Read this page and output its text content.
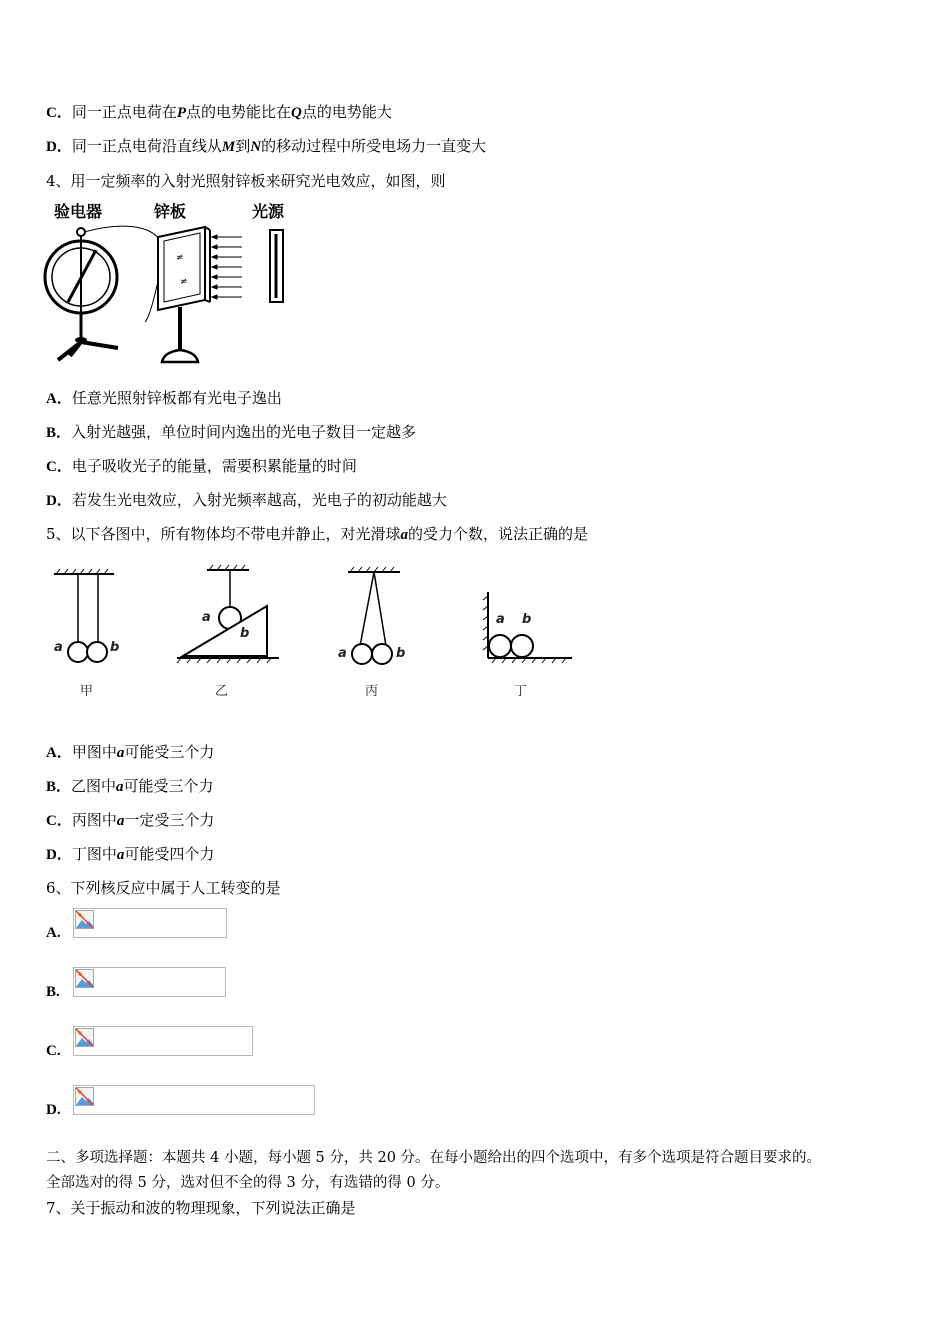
C．同一正点电荷在P点的电势能比在Q点的电势能大
D．同一正点电荷沿直线从M到N的移动过程中所受电场力一直变大
4、用一定频率的入射光照射锌板来研究光电效应，如图，则
验电器	锌板	光源
≠
≠
A．任意光照射锌板都有光电子逸出
B．入射光越强，单位时间内逸出的光电子数目一定越多
C．电子吸收光子的能量，需要积累能量的时间
D．若发生光电效应，入射光频率越高，光电子的初动能越大
5、以下各图中，所有物体均不带电并静止，对光滑球a的受力个数，说法正确的是
a	b
甲
a
b
乙
a	b
丙
a b
丁
A．甲图中a可能受三个力
B．乙图中a可能受三个力
C．丙图中a一定受三个力
D．丁图中a可能受四个力
6、下列核反应中属于人工转变的是
A.
B.
C.
D.
二、多项选择题：本题共 4 小题，每小题 5 分，共 20 分。在每小题给出的四个选项中，有多个选项是符合题目要求的。
全部选对的得 5 分，选对但不全的得 3 分，有选错的得 0 分。
7、关于振动和波的物理现象，下列说法正确是
